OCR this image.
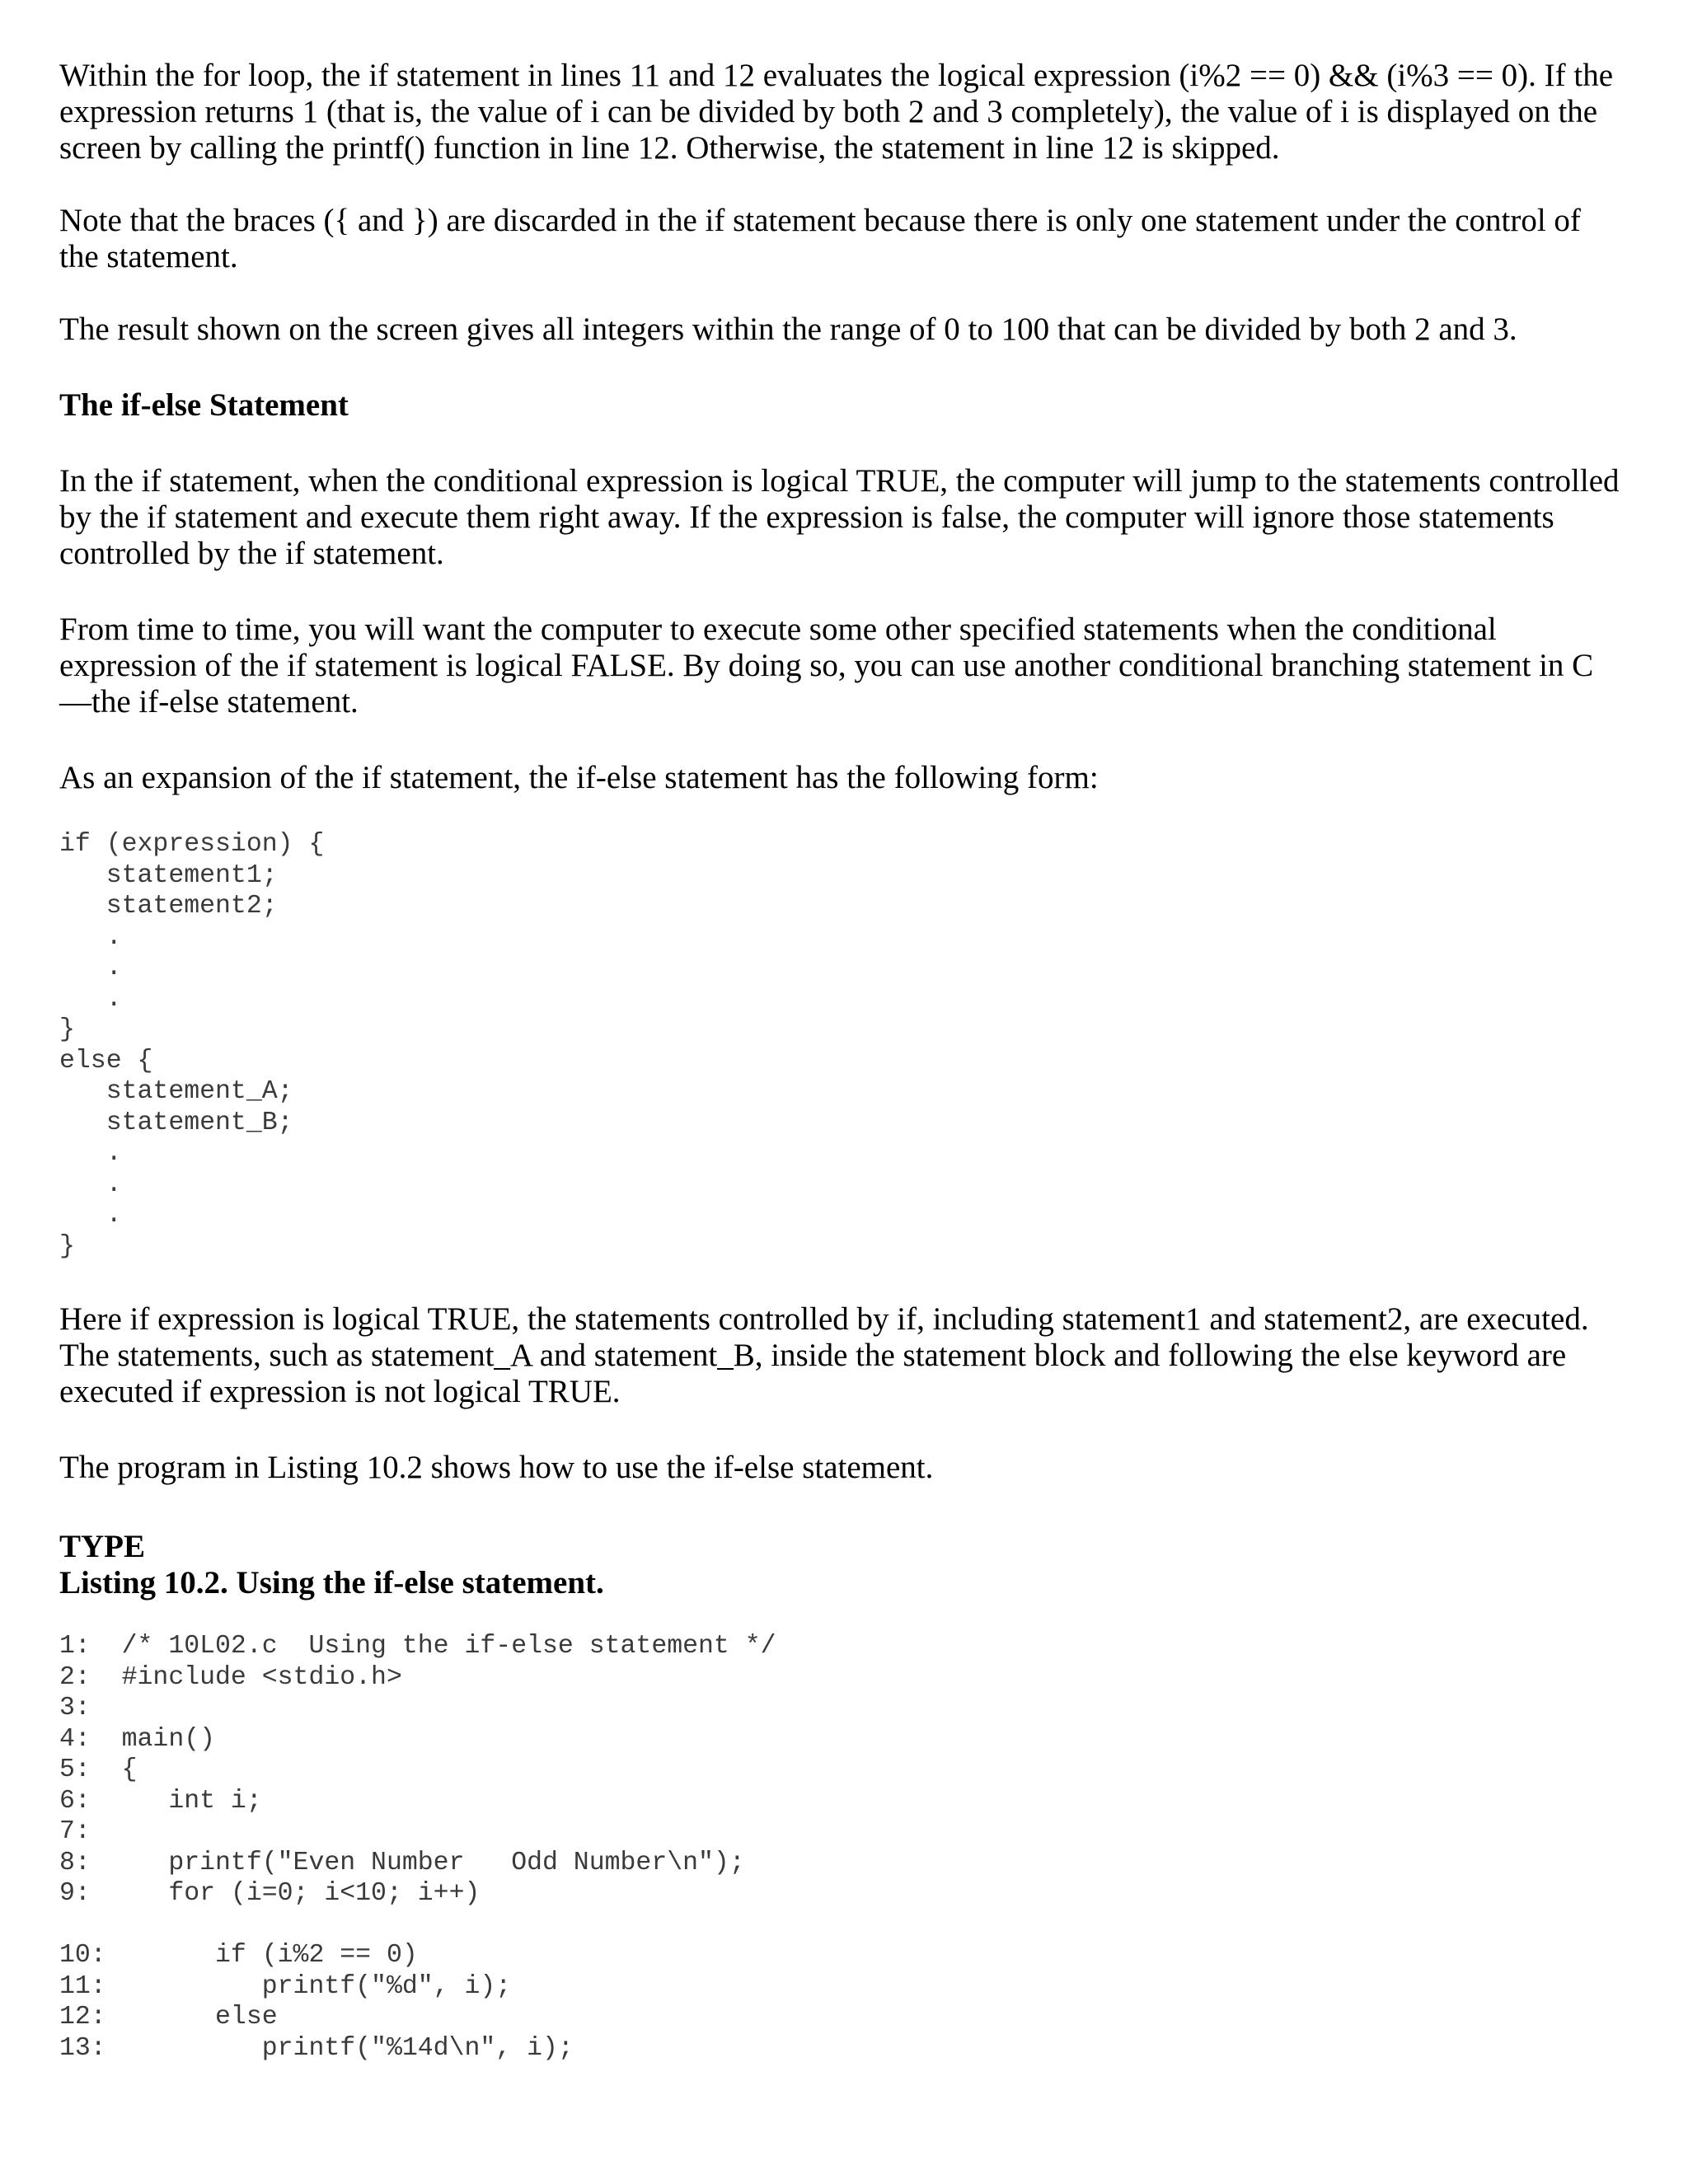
Within the for loop, the if statement in lines 11 and 12 evaluates the logical expression (i%2 == 0) && (i%3 == 0). If the expression returns 1 (that is, the value of i can be divided by both 2 and 3 completely), the value of i is displayed on the screen by calling the printf() function in line 12. Otherwise, the statement in line 12 is skipped.

Note that the braces ({ and }) are discarded in the if statement because there is only one statement under the control of the statement.

The result shown on the screen gives all integers within the range of 0 to 100 that can be divided by both 2 and 3.

The if-else Statement

In the if statement, when the conditional expression is logical TRUE, the computer will jump to the statements controlled by the if statement and execute them right away. If the expression is false, the computer will ignore those statements controlled by the if statement.

From time to time, you will want the computer to execute some other specified statements when the conditional expression of the if statement is logical FALSE. By doing so, you can use another conditional branching statement in C—the if-else statement.

As an expansion of the if statement, the if-else statement has the following form:

if (expression) {
statement1;
statement2;
.
.
.
}
else {
statement_A;
statement_B;
.
.
.
}

Here if expression is logical TRUE, the statements controlled by if, including statement1 and statement2, are executed. The statements, such as statement_A and statement_B, inside the statement block and following the else keyword are executed if expression is not logical TRUE.

The program in Listing 10.2 shows how to use the if-else statement.

TYPE

Listing 10.2. Using the if-else statement.

1:  /* 10L02.c  Using the if-else statement */
2:  #include <stdio.h>
3:
4:  main()
5:  {
6:     int i;
7:
8:     printf("Even Number   Odd Number\n");
9:     for (i=0; i<10; i++)
10:       if (i%2 == 0)
11:          printf("%d", i);
12:       else
13:          printf("%14d\n", i);
